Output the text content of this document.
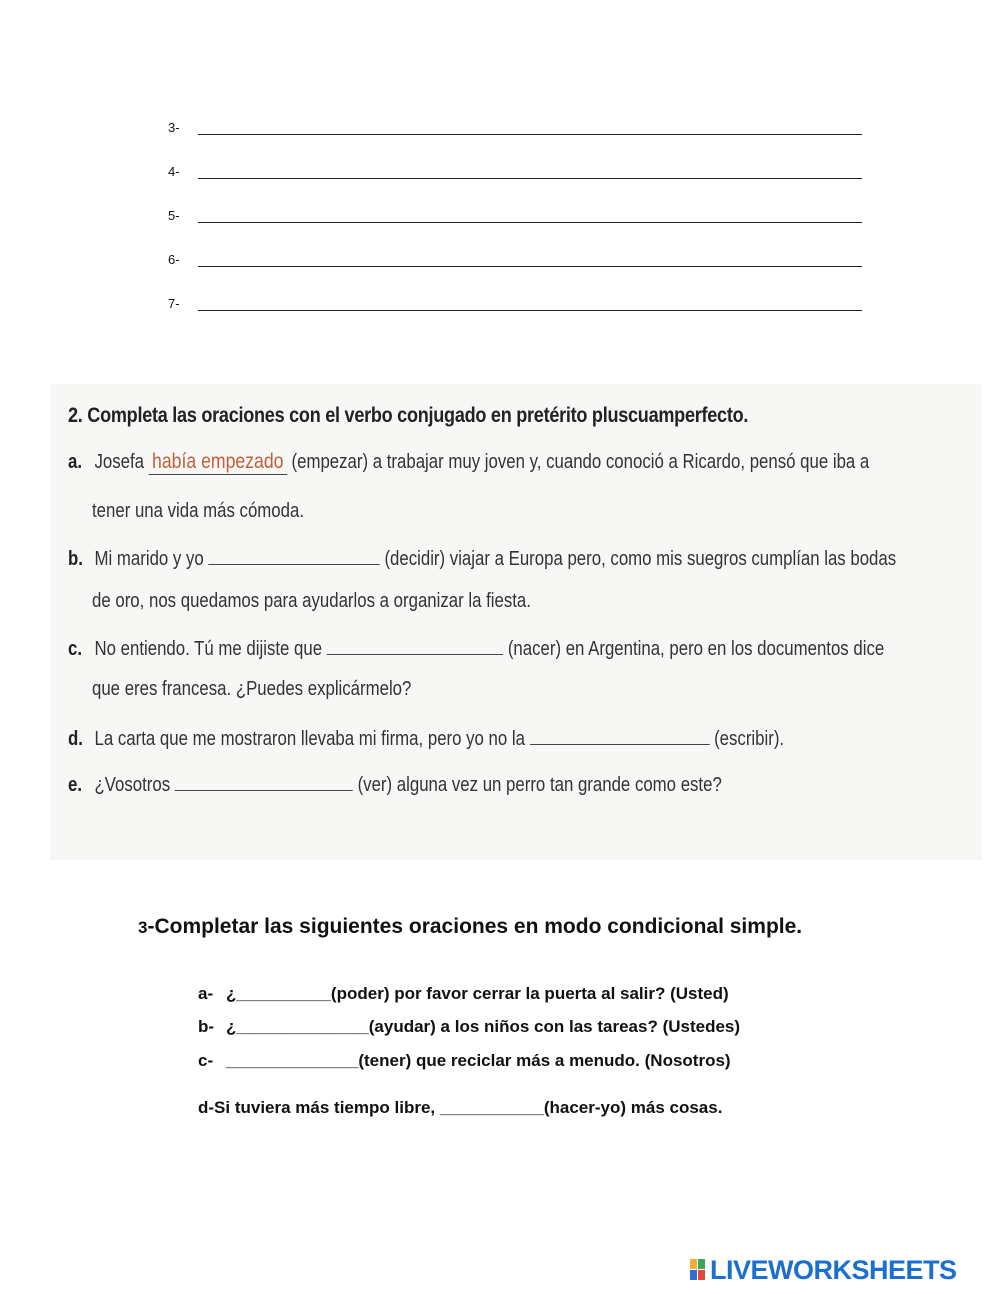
3-
4-
5-
6-
7-
2. Completa las oraciones con el verbo conjugado en pretérito pluscuamperfecto.
a. Josefa había empezado (empezar) a trabajar muy joven y, cuando conoció a Ricardo, pensó que iba a
tener una vida más cómoda.
b. Mi marido y yo	(decidir) viajar a Europa pero, como mis suegros cumplían las bodas
de oro, nos quedamos para ayudarlos a organizar la fiesta.
c. No entiendo. Tú me dijiste que	(nacer) en Argentina, pero en los documentos dice
que eres francesa. ¿Puedes explicármelo?
d. La carta que me mostraron llevaba mi firma, pero yo no la	(escribir).
e. ¿Vosotros	(ver) alguna vez un perro tan grande como este?
3-Completar las siguientes oraciones en modo condicional simple.
a- ¿__________(poder) por favor cerrar la puerta al salir? (Usted)
b- ¿______________(ayudar) a los niños con las tareas? (Ustedes)
c- ______________(tener) que reciclar más a menudo. (Nosotros)
d-Si tuviera más tiempo libre, ___________(hacer-yo) más cosas.
LIVEWORKSHEETS
